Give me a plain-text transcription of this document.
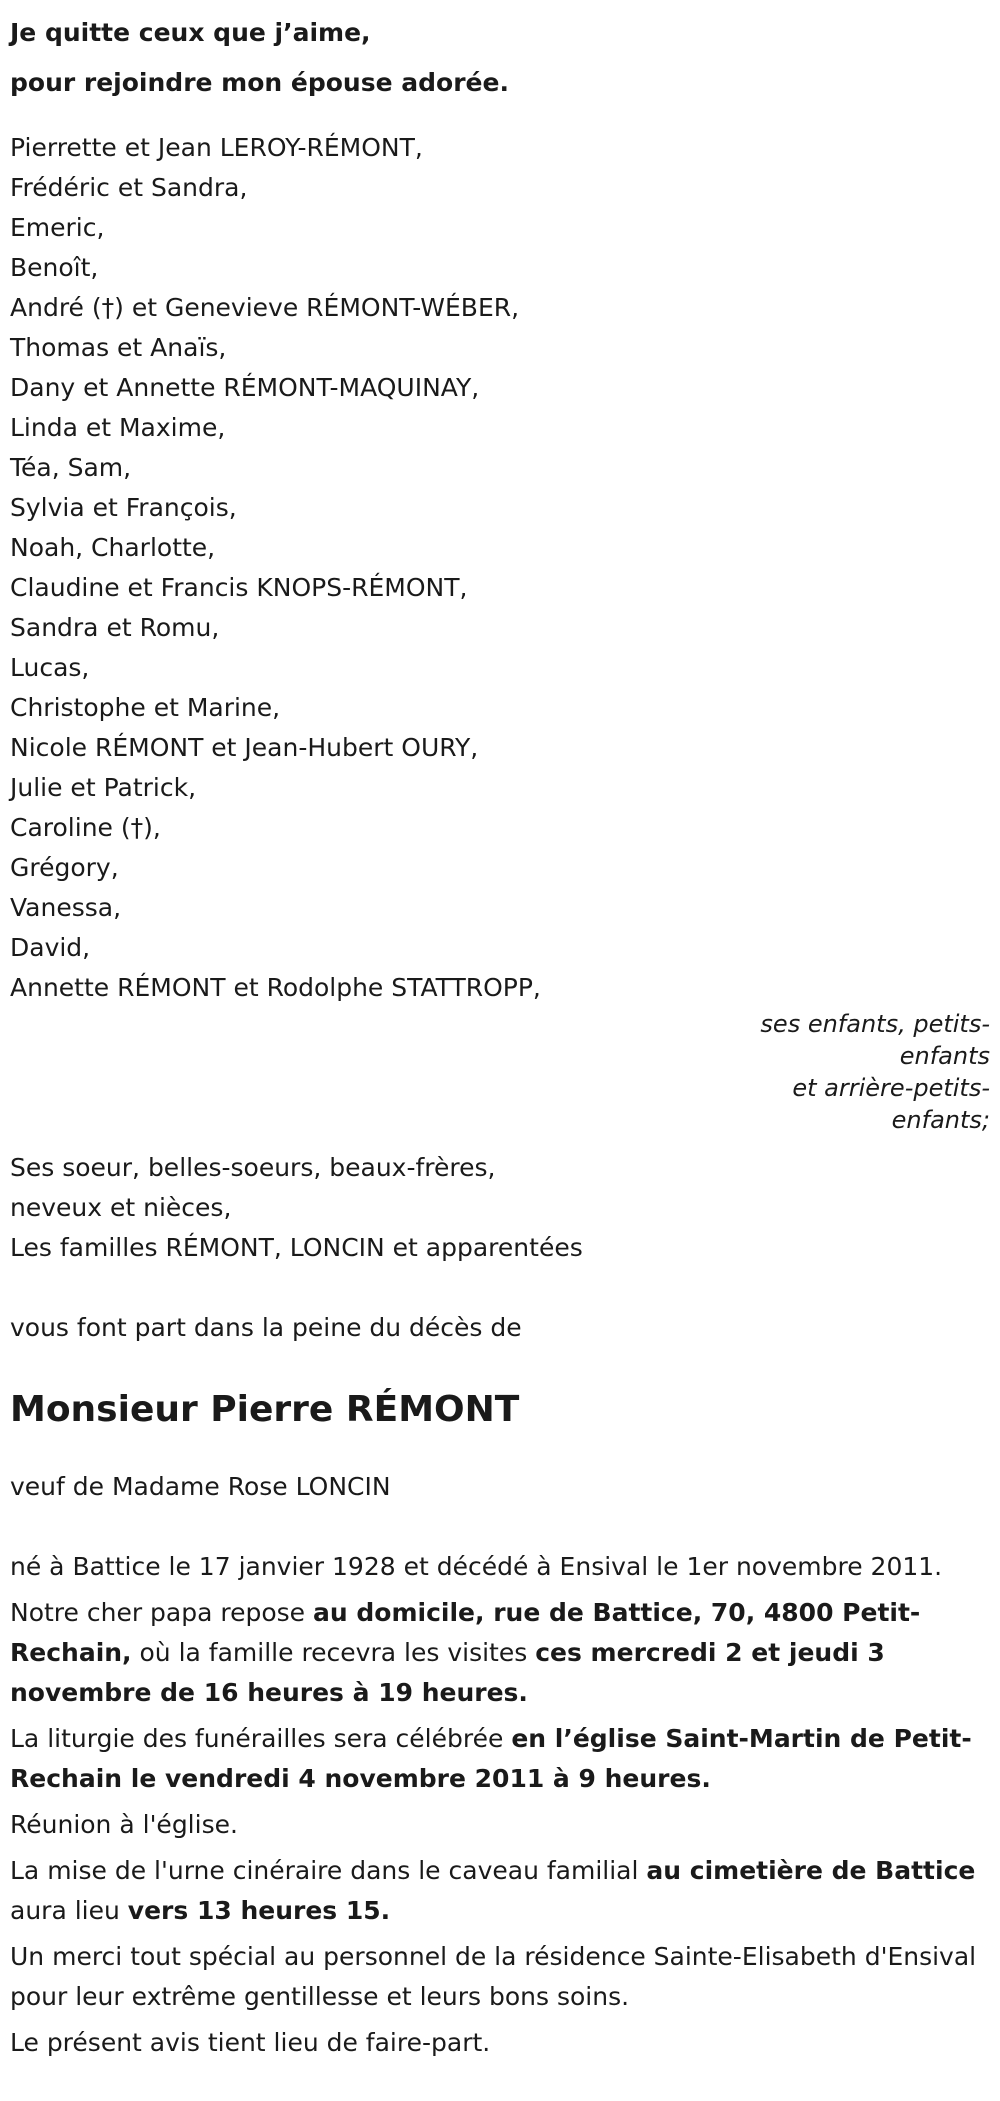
Je quitte ceux que j’aime,

pour rejoindre mon épouse adorée.

Pierrette et Jean LEROY-RÉMONT,
Frédéric et Sandra,
Emeric,
Benoît,
André (†) et Genevieve RÉMONT-WÉBER,
Thomas et Anaïs,
Dany et Annette RÉMONT-MAQUINAY,
Linda et Maxime,
Téa, Sam,
Sylvia et François,
Noah, Charlotte,
Claudine et Francis KNOPS-RÉMONT,
Sandra et Romu,
Lucas,
Christophe et Marine,
Nicole RÉMONT et Jean-Hubert OURY,
Julie et Patrick,
Caroline (†),
Grégory,
Vanessa,
David,
Annette RÉMONT et Rodolphe STATTROPP,
ses enfants, petits-enfants
et arrière-petits-enfants;
Ses soeur, belles-soeurs, beaux-frères,
neveux et nièces,
Les familles RÉMONT, LONCIN et apparentées
vous font part dans la peine du décès de
Monsieur Pierre RÉMONT
veuf de Madame Rose LONCIN
né à Battice le 17 janvier 1928 et décédé à Ensival le 1er novembre 2011.
Notre cher papa repose au domicile, rue de Battice, 70, 4800 Petit-Rechain, où la famille recevra les visites ces mercredi 2 et jeudi 3 novembre de 16 heures à 19 heures.
La liturgie des funérailles sera célébrée en l’église Saint-Martin de Petit-Rechain le vendredi 4 novembre 2011 à 9 heures.
Réunion à l'église.
La mise de l'urne cinéraire dans le caveau familial au cimetière de Battice aura lieu vers 13 heures 15.
Un merci tout spécial au personnel de la résidence Sainte-Elisabeth d'Ensival pour leur extrême gentillesse et leurs bons soins.
Le présent avis tient lieu de faire-part.
